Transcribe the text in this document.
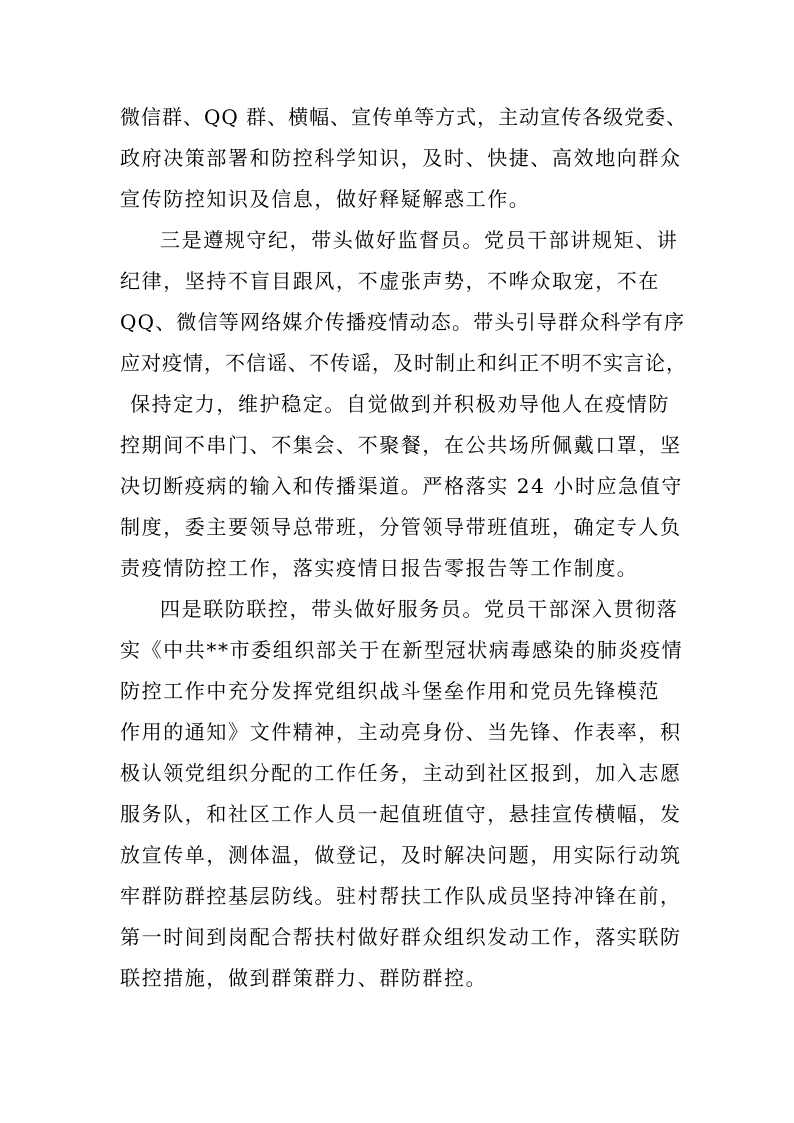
微信群、QQ 群、横幅、宣传单等方式，主动宣传各级党委、
政府决策部署和防控科学知识，及时、快捷、高效地向群众
宣传防控知识及信息，做好释疑解惑工作。
三是遵规守纪，带头做好监督员。党员干部讲规矩、讲
纪律，坚持不盲目跟风，不虚张声势，不哗众取宠，不在
QQ、微信等网络媒介传播疫情动态。带头引导群众科学有序
应对疫情，不信谣、不传谣，及时制止和纠正不明不实言论，
保持定力，维护稳定。自觉做到并积极劝导他人在疫情防
控期间不串门、不集会、不聚餐，在公共场所佩戴口罩，坚
决切断疫病的输入和传播渠道。严格落实 24 小时应急值守
制度，委主要领导总带班，分管领导带班值班，确定专人负
责疫情防控工作，落实疫情日报告零报告等工作制度。
四是联防联控，带头做好服务员。党员干部深入贯彻落
实《中共**市委组织部关于在新型冠状病毒感染的肺炎疫情
防控工作中充分发挥党组织战斗堡垒作用和党员先锋模范
作用的通知》文件精神，主动亮身份、当先锋、作表率，积
极认领党组织分配的工作任务，主动到社区报到，加入志愿
服务队，和社区工作人员一起值班值守，悬挂宣传横幅，发
放宣传单，测体温，做登记，及时解决问题，用实际行动筑
牢群防群控基层防线。驻村帮扶工作队成员坚持冲锋在前，
第一时间到岗配合帮扶村做好群众组织发动工作，落实联防
联控措施，做到群策群力、群防群控。
